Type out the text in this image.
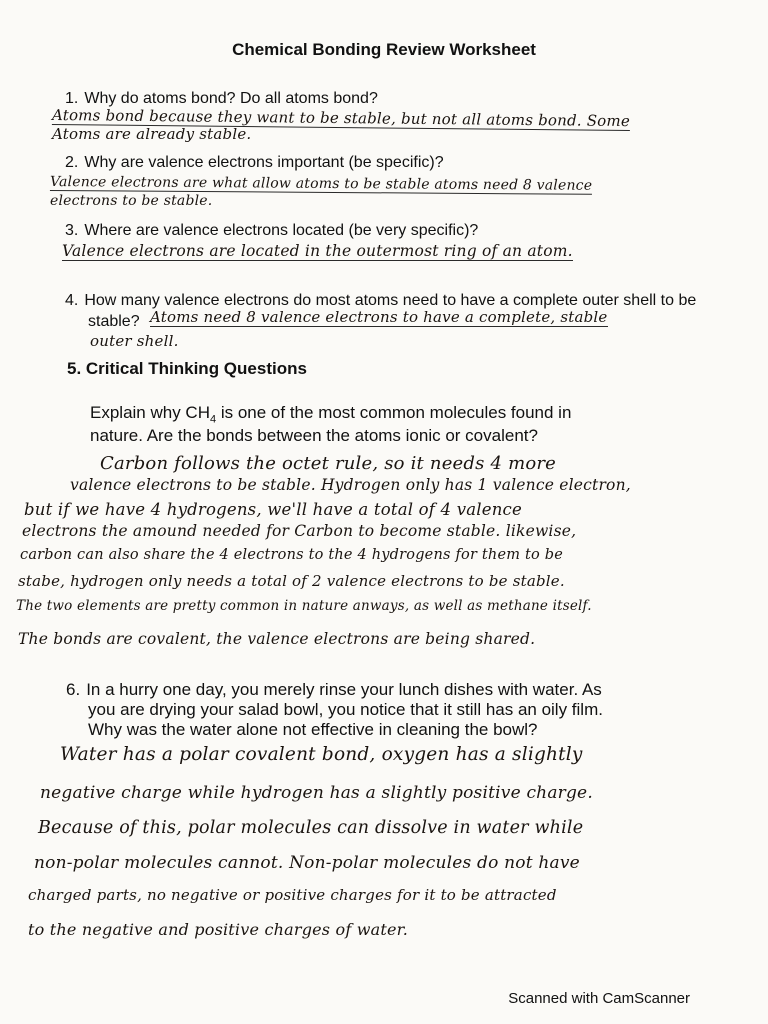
Chemical Bonding Review Worksheet
1. Why do atoms bond? Do all atoms bond?
Atoms bond because they want to be stable, but not all atoms bond. Some
Atoms are already stable.
2. Why are valence electrons important (be specific)?
Valence electrons are what allow atoms to be stable atoms need 8 valence
electrons to be stable.
3. Where are valence electrons located (be very specific)?
Valence electrons are located in the outermost ring of an atom.
4. How many valence electrons do most atoms need to have a complete outer shell to be
stable? Atoms need 8 valence electrons to have a complete, stable
outer shell.
5. Critical Thinking Questions
Explain why $CH_4$ is one of the most common molecules found in
nature. Are the bonds between the atoms ionic or covalent?
Carbon follows the octet rule, so it needs 4 more
valence electrons to be stable. Hydrogen only has 1 valence electron,
but if we have 4 hydrogens, we'll have a total of 4 valence
electrons the amound needed for Carbon to become stable. likewise,
carbon can also share the 4 electrons to the 4 hydrogens for them to be
stabe, hydrogen only needs a total of 2 valence electrons to be stable.
The two elements are pretty common in nature anways, as well as methane itself.
The bonds are covalent, the valence electrons are being shared.
6. In a hurry one day, you merely rinse your lunch dishes with water. As
you are drying your salad bowl, you notice that it still has an oily film.
Why was the water alone not effective in cleaning the bowl?
Water has a polar covalent bond, oxygen has a slightly
negative charge while hydrogen has a slightly positive charge.
Because of this, polar molecules can dissolve in water while
non-polar molecules cannot. Non-polar molecules do not have
charged parts, no negative or positive charges for it to be attracted
to the negative and positive charges of water.
Scanned with CamScanner
